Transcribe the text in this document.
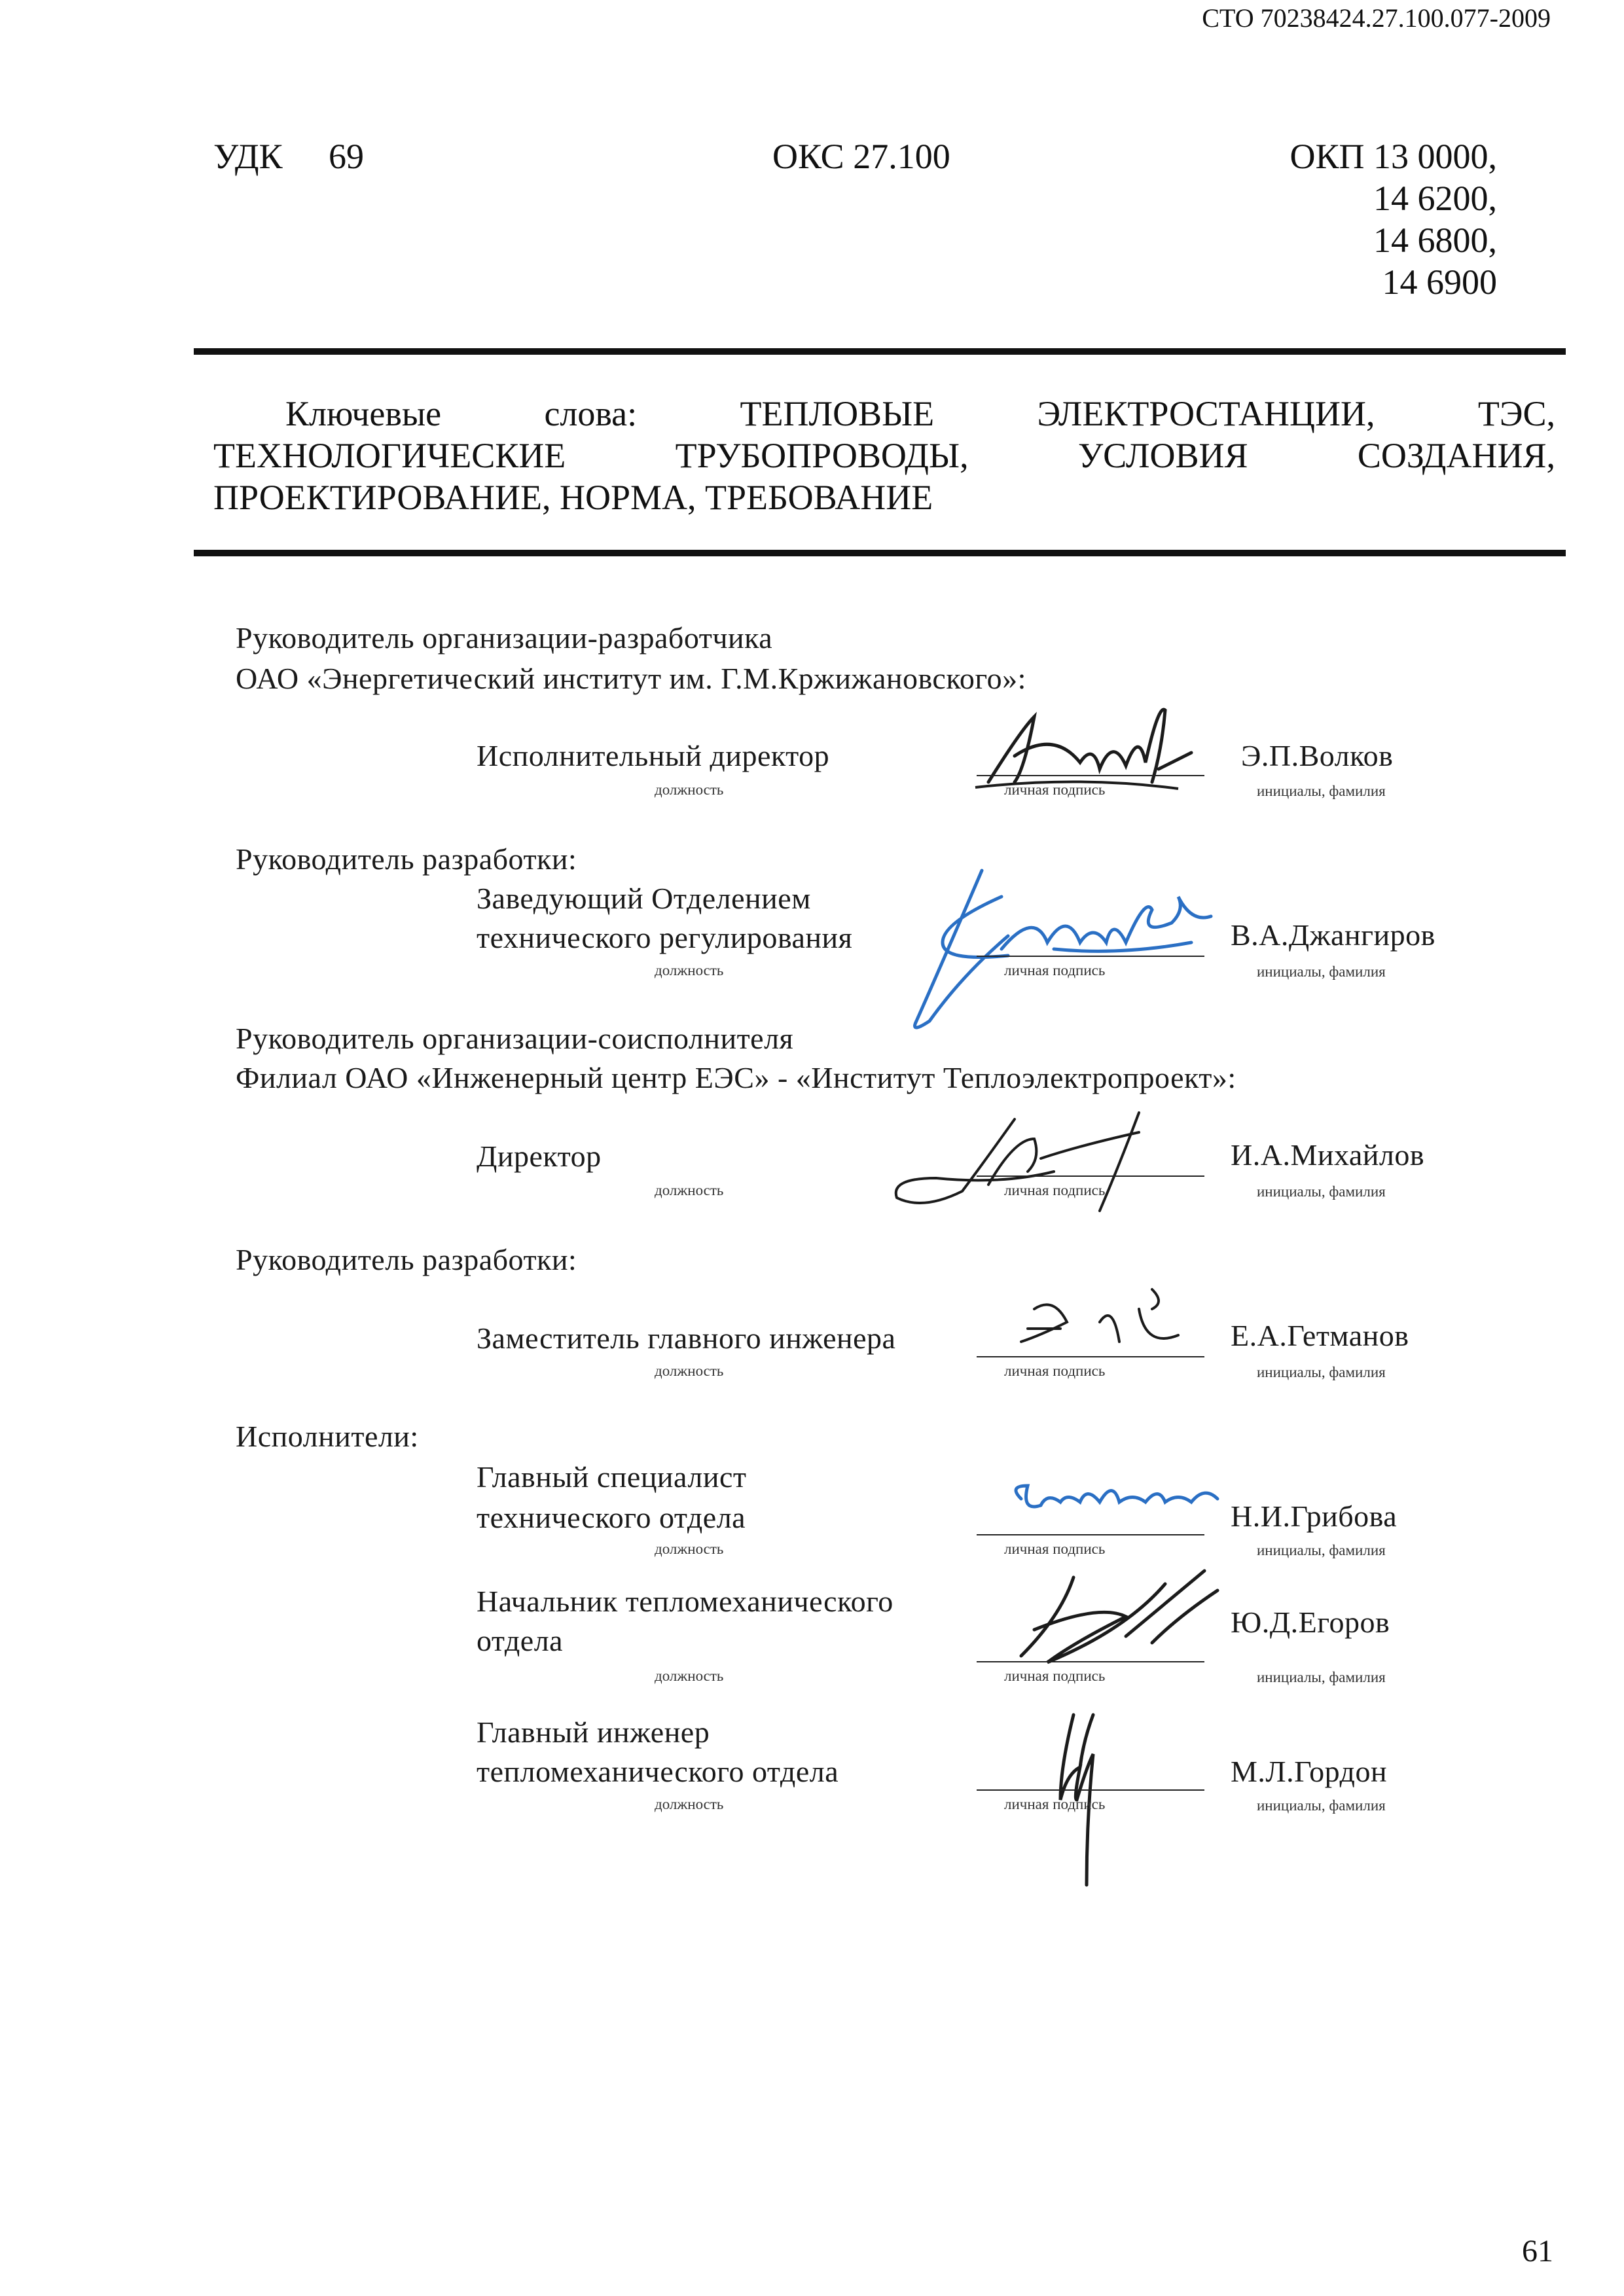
СТО 70238424.27.100.077-2009
УДК 69	ОКС 27.100	ОКП 13 0000,
14 6200,
14 6800,
14 6900
Ключевые слова: ТЕПЛОВЫЕ ЭЛЕКТРОСТАНЦИИ, ТЭС,
ТЕХНОЛОГИЧЕСКИЕ ТРУБОПРОВОДЫ, УСЛОВИЯ СОЗДАНИЯ,
ПРОЕКТИРОВАНИЕ, НОРМА, ТРЕБОВАНИЕ
Руководитель организации-разработчика
ОАО «Энергетический институт им. Г.М.Кржижановского»:
Исполнительный директор
должность	личная подпись
Э.П.Волков
инициалы, фамилия
Руководитель разработки:
Заведующий Отделением
технического регулирования
должность	личная подпись
В.А.Джангиров
инициалы, фамилия
Руководитель организации-соисполнителя
Филиал ОАО «Инженерный центр ЕЭС» - «Институт Теплоэлектропроект»:
Директор
должность	личная подпись
И.А.Михайлов
инициалы, фамилия
Руководитель разработки:
Заместитель главного инженера
должность	личная подпись
Е.А.Гетманов
инициалы, фамилия
Исполнители:
Главный специалист
технического отдела
должность	личная подпись
Н.И.Грибова
инициалы, фамилия
Начальник тепломеханического
отдела
должность	личная подпись
Ю.Д.Егоров
инициалы, фамилия
Главный инженер
тепломеханического отдела
должность	личная подпись
М.Л.Гордон
инициалы, фамилия
61
